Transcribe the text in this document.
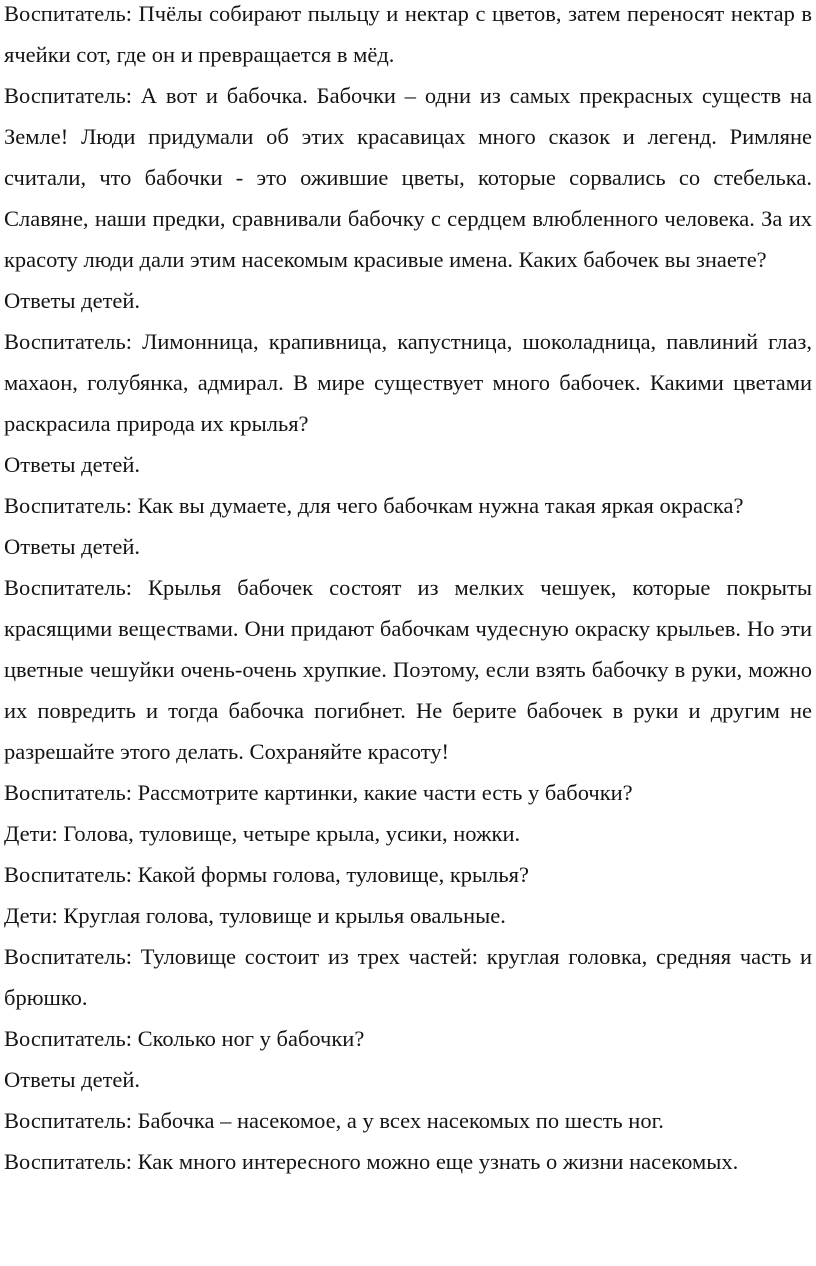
Воспитатель: Пчёлы собирают пыльцу и нектар с цветов, затем переносят нектар в ячейки сот, где он и превращается в мёд.

Воспитатель: А вот и бабочка. Бабочки – одни из самых прекрасных существ на Земле! Люди придумали об этих красавицах много сказок и легенд. Римляне считали, что бабочки - это ожившие цветы, которые сорвались со стебелька. Славяне, наши предки, сравнивали бабочку с сердцем влюбленного человека. За их красоту люди дали этим насекомым красивые имена. Каких бабочек вы знаете?

Ответы детей.

Воспитатель: Лимонница, крапивница, капустница, шоколадница, павлиний глаз, махаон, голубянка, адмирал. В мире существует много бабочек. Какими цветами раскрасила природа их крылья?

Ответы детей.

Воспитатель: Как вы думаете, для чего бабочкам нужна такая яркая окраска?

Ответы детей.

Воспитатель: Крылья бабочек состоят из мелких чешуек, которые покрыты красящими веществами. Они придают бабочкам чудесную окраску крыльев. Но эти цветные чешуйки очень-очень хрупкие. Поэтому, если взять бабочку в руки, можно их повредить и тогда бабочка погибнет. Не берите бабочек в руки и другим не разрешайте этого делать. Сохраняйте красоту!

Воспитатель: Рассмотрите картинки, какие части есть у бабочки?

Дети: Голова, туловище, четыре крыла, усики, ножки.

Воспитатель: Какой формы голова, туловище, крылья?

Дети: Круглая голова, туловище и крылья овальные.

Воспитатель: Туловище состоит из трех частей: круглая головка, средняя часть и брюшко.

Воспитатель: Сколько ног у бабочки?

Ответы детей.

Воспитатель: Бабочка – насекомое, а у всех насекомых по шесть ног.

Воспитатель: Как много интересного можно еще узнать о жизни насекомых.
